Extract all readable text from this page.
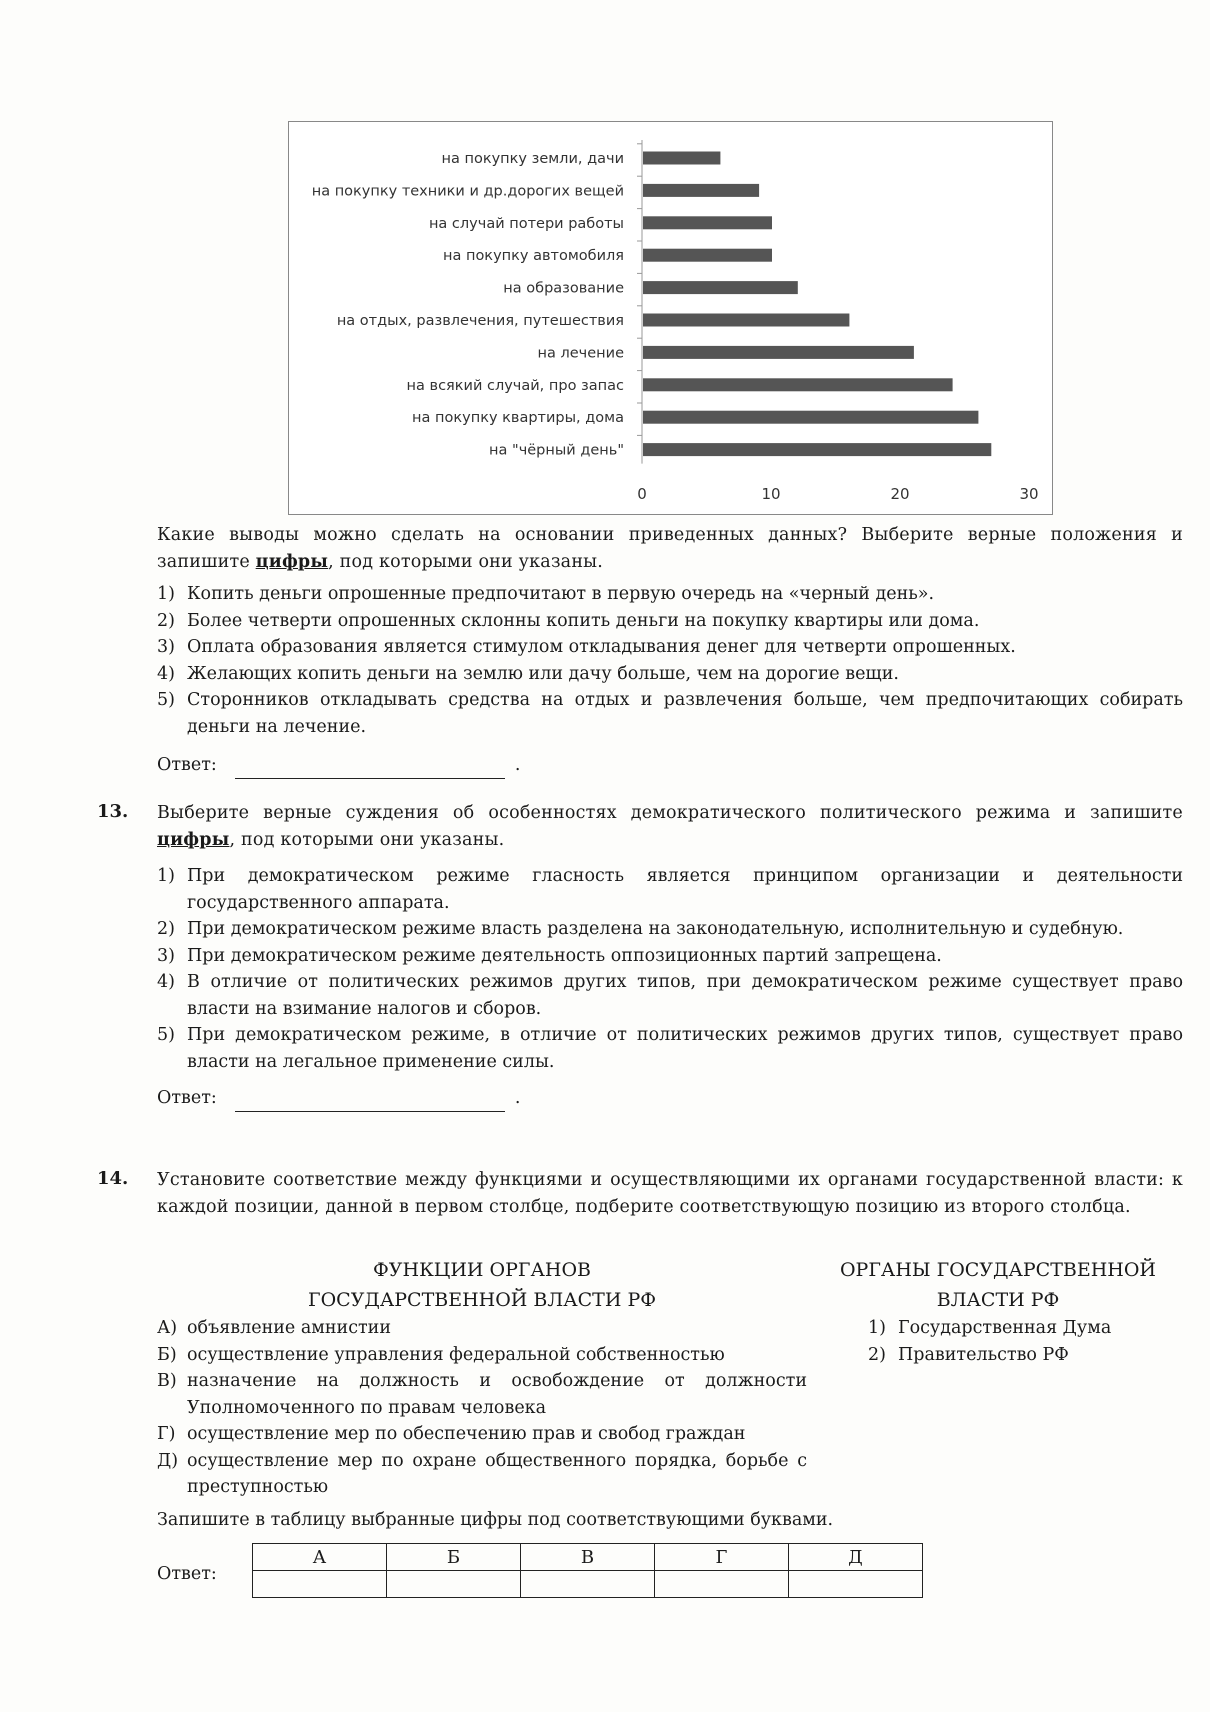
на покупку земли, дачи
на покупку техники и др.дорогих вещей
на случай потери работы
на покупку автомобиля
на образование
на отдых, развлечения, путешествия
на лечение
на всякий случай, про запас
на покупку квартиры, дома
на "чёрный день"
0	10	20	30
Какие выводы можно сделать на основании приведенных данных? Выберите верные положения и запишите цифры, под которыми они указаны.
1) Копить деньги опрошенные предпочитают в первую очередь на «черный день».
2) Более четверти опрошенных склонны копить деньги на покупку квартиры или дома.
3) Оплата образования является стимулом откладывания денег для четверти опрошенных.
4) Желающих копить деньги на землю или дачу больше, чем на дорогие вещи.
5) Сторонников откладывать средства на отдых и развлечения больше, чем предпочитающих собирать деньги на лечение.
Ответ:	.
13. Выберите верные суждения об особенностях демократического политического режима и запишите цифры, под которыми они указаны.
1) При демократическом режиме гласность является принципом организации и деятельности государственного аппарата.
2) При демократическом режиме власть разделена на законодательную, исполнительную и судебную.
3) При демократическом режиме деятельность оппозиционных партий запрещена.
4) В отличие от политических режимов других типов, при демократическом режиме существует право власти на взимание налогов и сборов.
5) При демократическом режиме, в отличие от политических режимов других типов, существует право власти на легальное применение силы.
Ответ:	.
14. Установите соответствие между функциями и осуществляющими их органами государственной власти: к каждой позиции, данной в первом столбце, подберите соответствующую позицию из второго столбца.
ФУНКЦИИ ОРГАНОВ
ГОСУДАРСТВЕННОЙ ВЛАСТИ РФ
А) объявление амнистии
Б) осуществление управления федеральной собственностью
В) назначение на должность и освобождение от должности Уполномоченного по правам человека
Г) осуществление мер по обеспечению прав и свобод граждан
Д) осуществление мер по охране общественного порядка, борьбе с преступностью
ОРГАНЫ ГОСУДАРСТВЕННОЙ
ВЛАСТИ РФ
1) Государственная Дума
2) Правительство РФ
Запишите в таблицу выбранные цифры под соответствующими буквами.
Ответ:
А	Б	В	Г	Д
